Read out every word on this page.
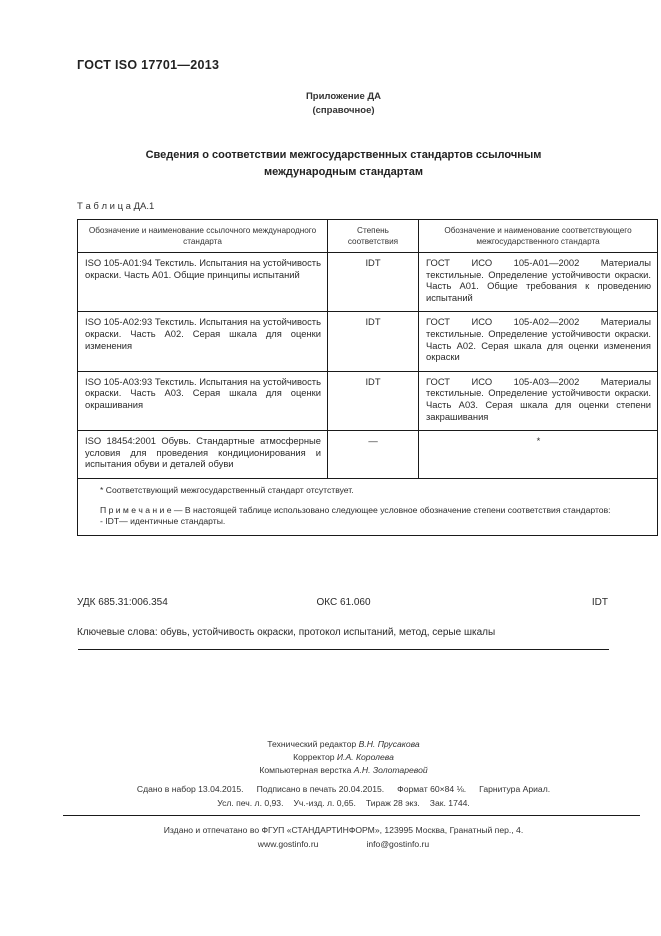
ГОСТ ISO 17701—2013
Приложение ДА
(справочное)
Сведения о соответствии межгосударственных стандартов ссылочным
международным стандартам
Т а б л и ц а ДА.1
Обозначение и наименование ссылочного международного стандарта	Степень соответствия	Обозначение и наименование соответствующего межгосударственного стандарта
ISO 105-A01:94 Текстиль. Испытания на устойчивость окраски. Часть А01. Общие принципы испытаний	IDT	ГОСТ ИСО 105-А01—2002 Материалы текстильные. Определение устойчивости окраски. Часть А01. Общие требования к проведению испытаний
ISO 105-A02:93 Текстиль. Испытания на устойчивость окраски. Часть А02. Серая шкала для оценки изменения	IDT	ГОСТ ИСО 105-А02—2002 Материалы текстильные. Определение устойчивости окраски. Часть А02. Серая шкала для оценки изменения окраски
ISO 105-A03:93 Текстиль. Испытания на устойчивость окраски. Часть А03. Серая шкала для оценки окрашивания	IDT	ГОСТ ИСО 105-А03—2002 Материалы текстильные. Определение устойчивости окраски. Часть А03. Серая шкала для оценки степени закрашивания
ISO 18454:2001 Обувь. Стандартные атмосферные условия для проведения кондиционирования и испытания обуви и деталей обуви	—	*

* Соответствующий межгосударственный стандарт отсутствует.
П р и м е ч а н и е — В настоящей таблице использовано следующее условное обозначение степени соответствия стандартов:
- IDT— идентичные стандарты.		
УДК 685.31:006.354	ОКС 61.060	IDT
Ключевые слова: обувь, устойчивость окраски, протокол испытаний, метод, серые шкалы
Технический редактор В.Н. Прусакова
Корректор И.А. Королева
Компьютерная верстка А.Н. Золотаревой
Сдано в набор 13.04.2015. Подписано в печать 20.04.2015. Формат 60×84 ⅛. Гарнитура Ариал.
Усл. печ. л. 0,93. Уч.-изд. л. 0,65. Тираж 28 экз. Зак. 1744.
Издано и отпечатано во ФГУП «СТАНДАРТИНФОРМ», 123995 Москва, Гранатный пер., 4.
www.gostinfo.ru	info@gostinfo.ru
